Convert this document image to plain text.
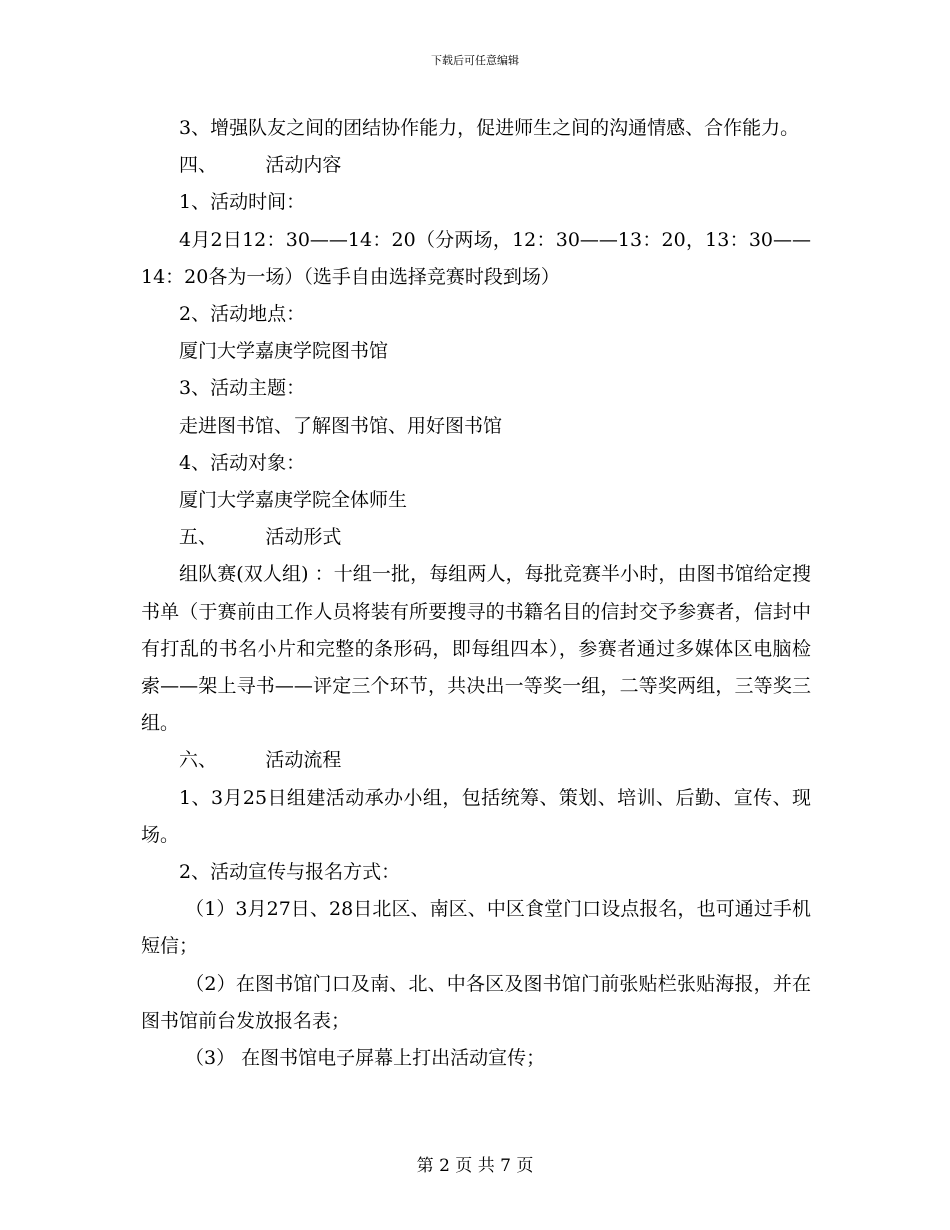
下载后可任意编辑

3、增强队友之间的团结协作能力，促进师生之间的沟通情感、合作能力。

四、        活动内容

1、活动时间：

4月2日12：30——14：20（分两场，12：30——13：20，13：30——14：20各为一场）（选手自由选择竞赛时段到场）

2、活动地点：

厦门大学嘉庚学院图书馆

3、活动主题：

走进图书馆、了解图书馆、用好图书馆

4、活动对象：

厦门大学嘉庚学院全体师生

五、        活动形式

组队赛(双人组) ：十组一批，每组两人，每批竞赛半小时，由图书馆给定搜书单（于赛前由工作人员将装有所要搜寻的书籍名目的信封交予参赛者，信封中有打乱的书名小片和完整的条形码，即每组四本），参赛者通过多媒体区电脑检索——架上寻书——评定三个环节，共决出一等奖一组，二等奖两组，三等奖三组。

六、        活动流程

1、3月25日组建活动承办小组，包括统筹、策划、培训、后勤、宣传、现场。

2、活动宣传与报名方式：

（1）3月27日、28日北区、南区、中区食堂门口设点报名，也可通过手机短信；

（2）在图书馆门口及南、北、中各区及图书馆门前张贴栏张贴海报，并在图书馆前台发放报名表；

（3） 在图书馆电子屏幕上打出活动宣传；

第 2 页 共 7 页
